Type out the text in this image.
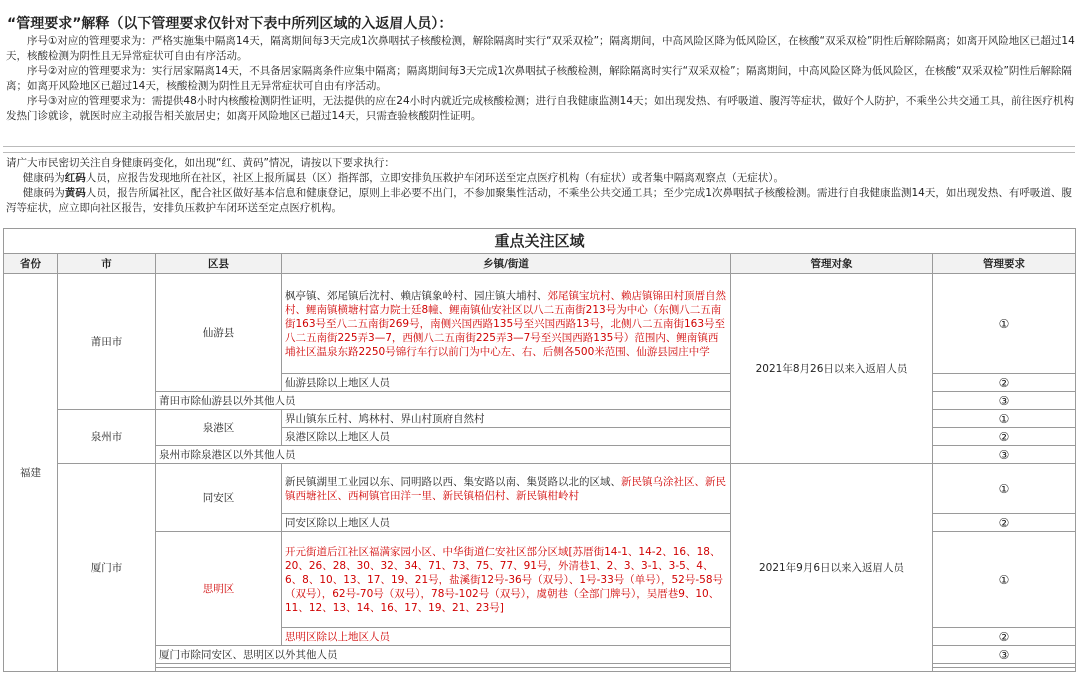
“管理要求”解释（以下管理要求仅针对下表中所列区域的入返眉人员）：

序号①对应的管理要求为：严格实施集中隔离14天，隔离期间每3天完成1次鼻咽拭子核酸检测，解除隔离时实行“双采双检”；隔离期间，中高风险区降为低风险区，在核酸“双采双检”阴性后解除隔离；如离开风险地区已超过14天，核酸检测为阴性且无异常症状可自由有序活动。

序号②对应的管理要求为：实行居家隔离14天，不具备居家隔离条件应集中隔离；隔离期间每3天完成1次鼻咽拭子核酸检测，解除隔离时实行“双采双检”；隔离期间，中高风险区降为低风险区，在核酸“双采双检”阴性后解除隔离；如离开风险地区已超过14天，核酸检测为阴性且无异常症状可自由有序活动。

序号③对应的管理要求为：需提供48小时内核酸检测阴性证明，无法提供的应在24小时内就近完成核酸检测；进行自我健康监测14天；如出现发热、有呼吸道、腹泻等症状，做好个人防护，不乘坐公共交通工具，前往医疗机构发热门诊就诊，就医时应主动报告相关旅居史；如离开风险地区已超过14天，只需查验核酸阴性证明。

请广大市民密切关注自身健康码变化，如出现“红、黄码”情况，请按以下要求执行：

健康码为红码人员，应报告发现地所在社区，社区上报所属县（区）指挥部，立即安排负压救护车闭环送至定点医疗机构（有症状）或者集中隔离观察点（无症状）。

健康码为黄码人员，报告所属社区，配合社区做好基本信息和健康登记，原则上非必要不出门，不参加聚集性活动，不乘坐公共交通工具；至少完成1次鼻咽拭子核酸检测。需进行自我健康监测14天，如出现发热、有呼吸道、腹泻等症状，应立即向社区报告，安排负压救护车闭环送至定点医疗机构。

重点关注区域					
省份	市	区县	乡镇/街道	管理对象	管理要求
福建	莆田市	仙游县	枫亭镇、郊尾镇后沈村、赖店镇象岭村、园庄镇大埔村、郊尾镇宝坑村、赖店镇锦田村顶厝自然村、鲤南镇横塘村富力院士廷8幢、鲤南镇仙安社区以八二五南街213号为中心（东侧八二五南街163号至八二五南街269号，南侧兴国西路135号至兴国西路13号，北侧八二五南街163号至八二五南街225弄3—7，西侧八二五南街225弄3—7号至兴国西路135号）范围内、鲤南镇西埔社区温泉东路2250号锦行车行以前门为中心左、右、后侧各500米范围、仙游县园庄中学	2021年8月26日以来入返眉人员	①
			仙游县除以上地区人员		②
		莆田市除仙游县以外其他人员			③
	泉州市	泉港区	界山镇东丘村、鸠林村、界山村顶府自然村		①
			泉港区除以上地区人员		②
		泉州市除泉港区以外其他人员			③
	厦门市	同安区	新民镇湖里工业园以东、同明路以西、集安路以南、集贤路以北的区域、新民镇乌涂社区、新民镇西塘社区、西柯镇官田洋一里、新民镇梧侣村、新民镇柑岭村	2021年9月6日以来入返眉人员	①
			同安区除以上地区人员		②
		思明区	开元街道后江社区福满家园小区、中华街道仁安社区部分区域[苏厝街14-1、14-2、16、18、20、26、28、30、32、34、71、73、75、77、91号，外清巷1、2、3、3-1、3-5、4、6、8、10、13、17、19、21号，盐溪街12号-36号（双号）、1号-33号（单号），52号-58号（双号），62号-70号（双号），78号-102号（双号），虞朝巷（全部门牌号），吴厝巷9、10、11、12、13、14、16、17、19、21、23号]		①
			思明区除以上地区人员		②
		厦门市除同安区、思明区以外其他人员			③
